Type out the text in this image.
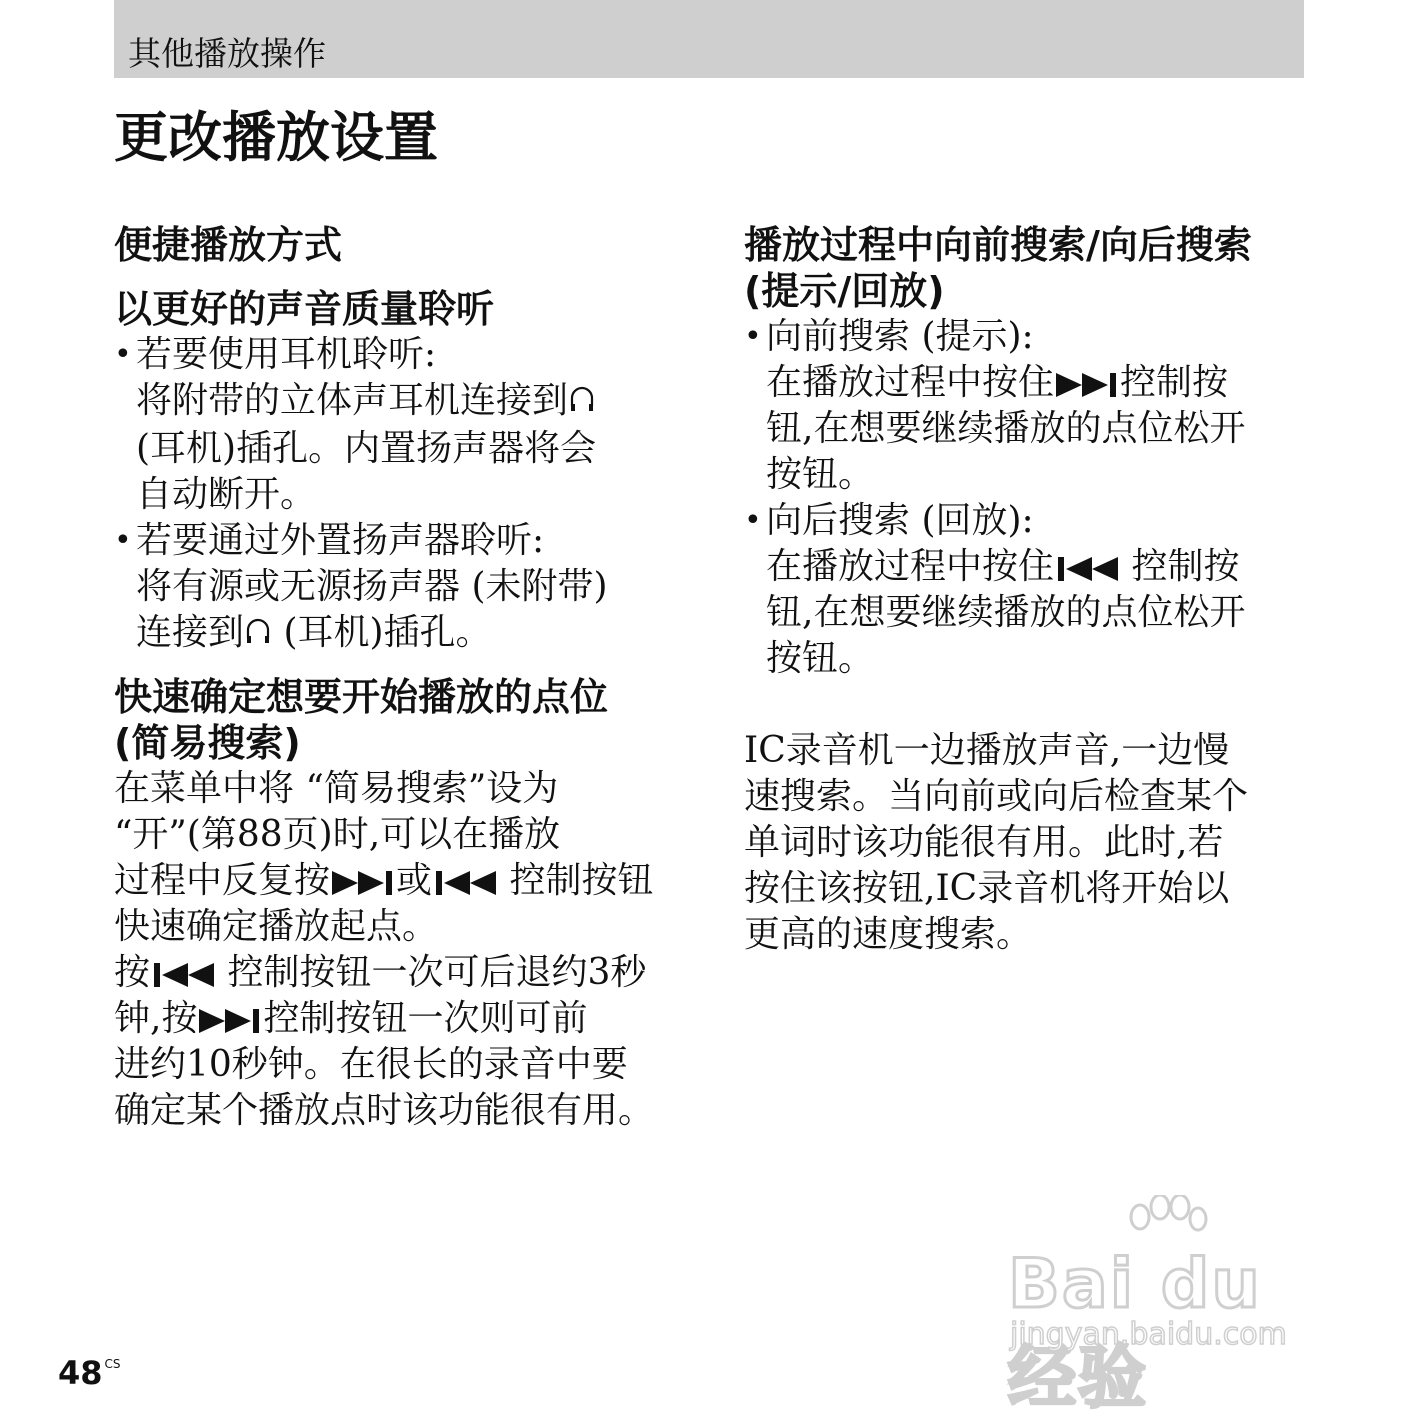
其他播放操作
更改播放设置
便捷播放方式
以更好的声音质量聆听
• 若要使用耳机聆听:
将附带的立体声耳机连接到
(耳机)插孔。内置扬声器将会
自动断开。
• 若要通过外置扬声器聆听:
将有源或无源扬声器 (未附带)
连接到 (耳机)插孔。
快速确定想要开始播放的点位
(简易搜索)
在菜单中将 “简易搜索”设为
“开”(第88页)时,可以在播放
过程中反复按 或
控制按钮
快速确定播放起点。
按
控制按钮一次可后退约3秒
钟,按 控制按钮一次则可前
进约10秒钟。在很长的录音中要
确定某个播放点时该功能很有用。
播放过程中向前搜索/向后搜索
(提示/回放)
• 向前搜索 (提示):
在播放过程中按住 控制按
钮,在想要继续播放的点位松开
按钮。
• 向后搜索 (回放):
在播放过程中按住
控制按
钮,在想要继续播放的点位松开
按钮。
IC录音机一边播放声音,一边慢
速搜索。当向前或向后检查某个
单词时该功能很有用。此时,若
按住该按钮,IC录音机将开始以
更高的速度搜索。
Bai du 经验
jingyan.baidu.com
48 $^{CS}$
